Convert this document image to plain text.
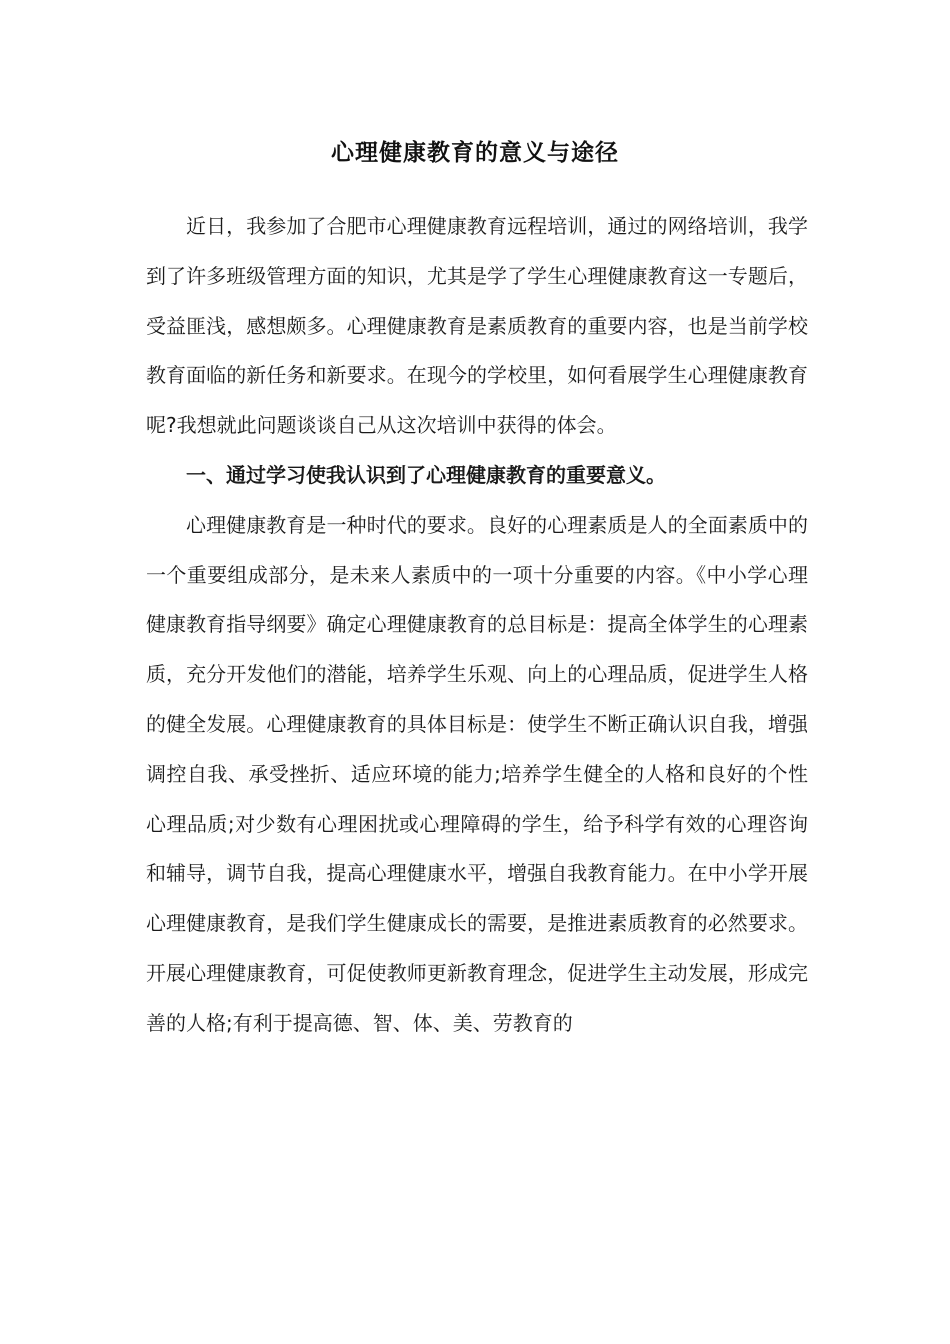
心理健康教育的意义与途径

近日，我参加了合肥市心理健康教育远程培训，通过的网络培训，我学到了许多班级管理方面的知识，尤其是学了学生心理健康教育这一专题后，受益匪浅，感想颇多。心理健康教育是素质教育的重要内容，也是当前学校教育面临的新任务和新要求。在现今的学校里，如何看展学生心理健康教育呢?我想就此问题谈谈自己从这次培训中获得的体会。

一、通过学习使我认识到了心理健康教育的重要意义。

心理健康教育是一种时代的要求。良好的心理素质是人的全面素质中的一个重要组成部分，是未来人素质中的一项十分重要的内容。《中小学心理健康教育指导纲要》确定心理健康教育的总目标是：提高全体学生的心理素质，充分开发他们的潜能，培养学生乐观、向上的心理品质，促进学生人格的健全发展。心理健康教育的具体目标是：使学生不断正确认识自我，增强调控自我、承受挫折、适应环境的能力;培养学生健全的人格和良好的个性心理品质;对少数有心理困扰或心理障碍的学生，给予科学有效的心理咨询和辅导，调节自我，提高心理健康水平，增强自我教育能力。在中小学开展心理健康教育，是我们学生健康成长的需要，是推进素质教育的必然要求。开展心理健康教育，可促使教师更新教育理念，促进学生主动发展，形成完善的人格;有利于提高德、智、体、美、劳教育的
